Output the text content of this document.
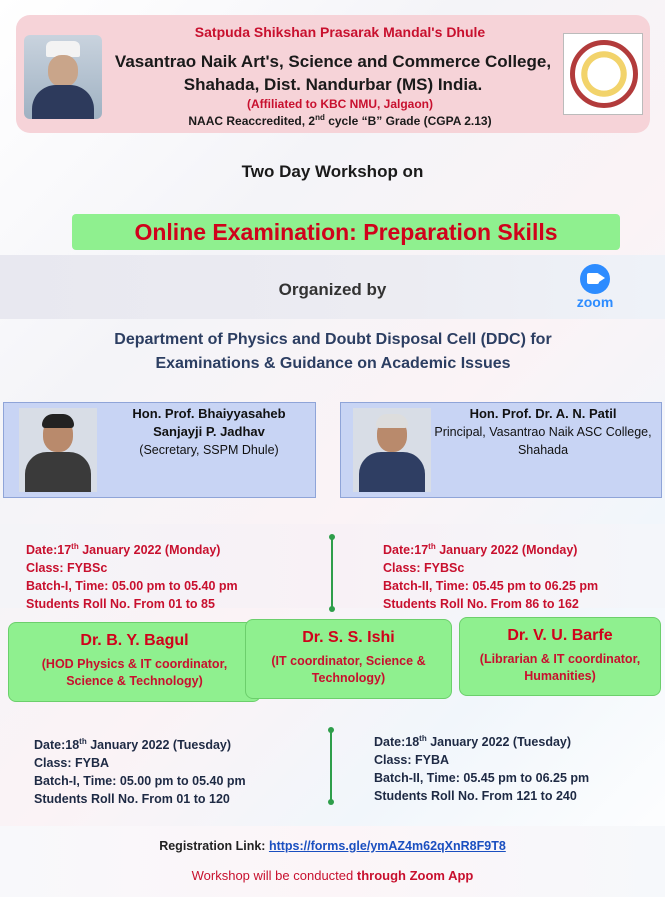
Satpuda Shikshan Prasarak Mandal's Dhule
Vasantrao Naik Art's, Science and Commerce College,
Shahada, Dist. Nandurbar (MS) India.
(Affiliated to KBC NMU, Jalgaon)
NAAC Reaccredited, 2nd cycle “B” Grade (CGPA 2.13)
Two Day Workshop on
Online Examination: Preparation Skills
Organized by
zoom
Department of Physics and Doubt Disposal Cell (DDC) for
Examinations & Guidance on Academic Issues
Hon. Prof. Bhaiyyasaheb
Sanjayji P. Jadhav
(Secretary, SSPM Dhule)
Hon. Prof. Dr. A. N. Patil
Principal, Vasantrao Naik ASC College,
Shahada
Date:17th January 2022 (Monday)
Class: FYBSc
Batch-I, Time: 05.00 pm to 05.40 pm
Students Roll No. From 01 to 85
Date:17th January 2022 (Monday)
Class: FYBSc
Batch-II, Time: 05.45 pm to 06.25 pm
Students Roll No. From 86 to 162
Dr. B. Y. Bagul
(HOD Physics & IT coordinator,
Science & Technology)
Dr. S. S. Ishi
(IT coordinator, Science &
Technology)
Dr. V. U. Barfe
(Librarian & IT coordinator,
Humanities)
Date:18th January 2022 (Tuesday)
Class: FYBA
Batch-I, Time: 05.00 pm to 05.40 pm
Students Roll No. From 01 to 120
Date:18th January 2022 (Tuesday)
Class: FYBA
Batch-II, Time: 05.45 pm to 06.25 pm
Students Roll No. From 121 to 240
Registration Link: https://forms.gle/ymAZ4m62qXnR8F9T8
Workshop will be conducted through Zoom App
